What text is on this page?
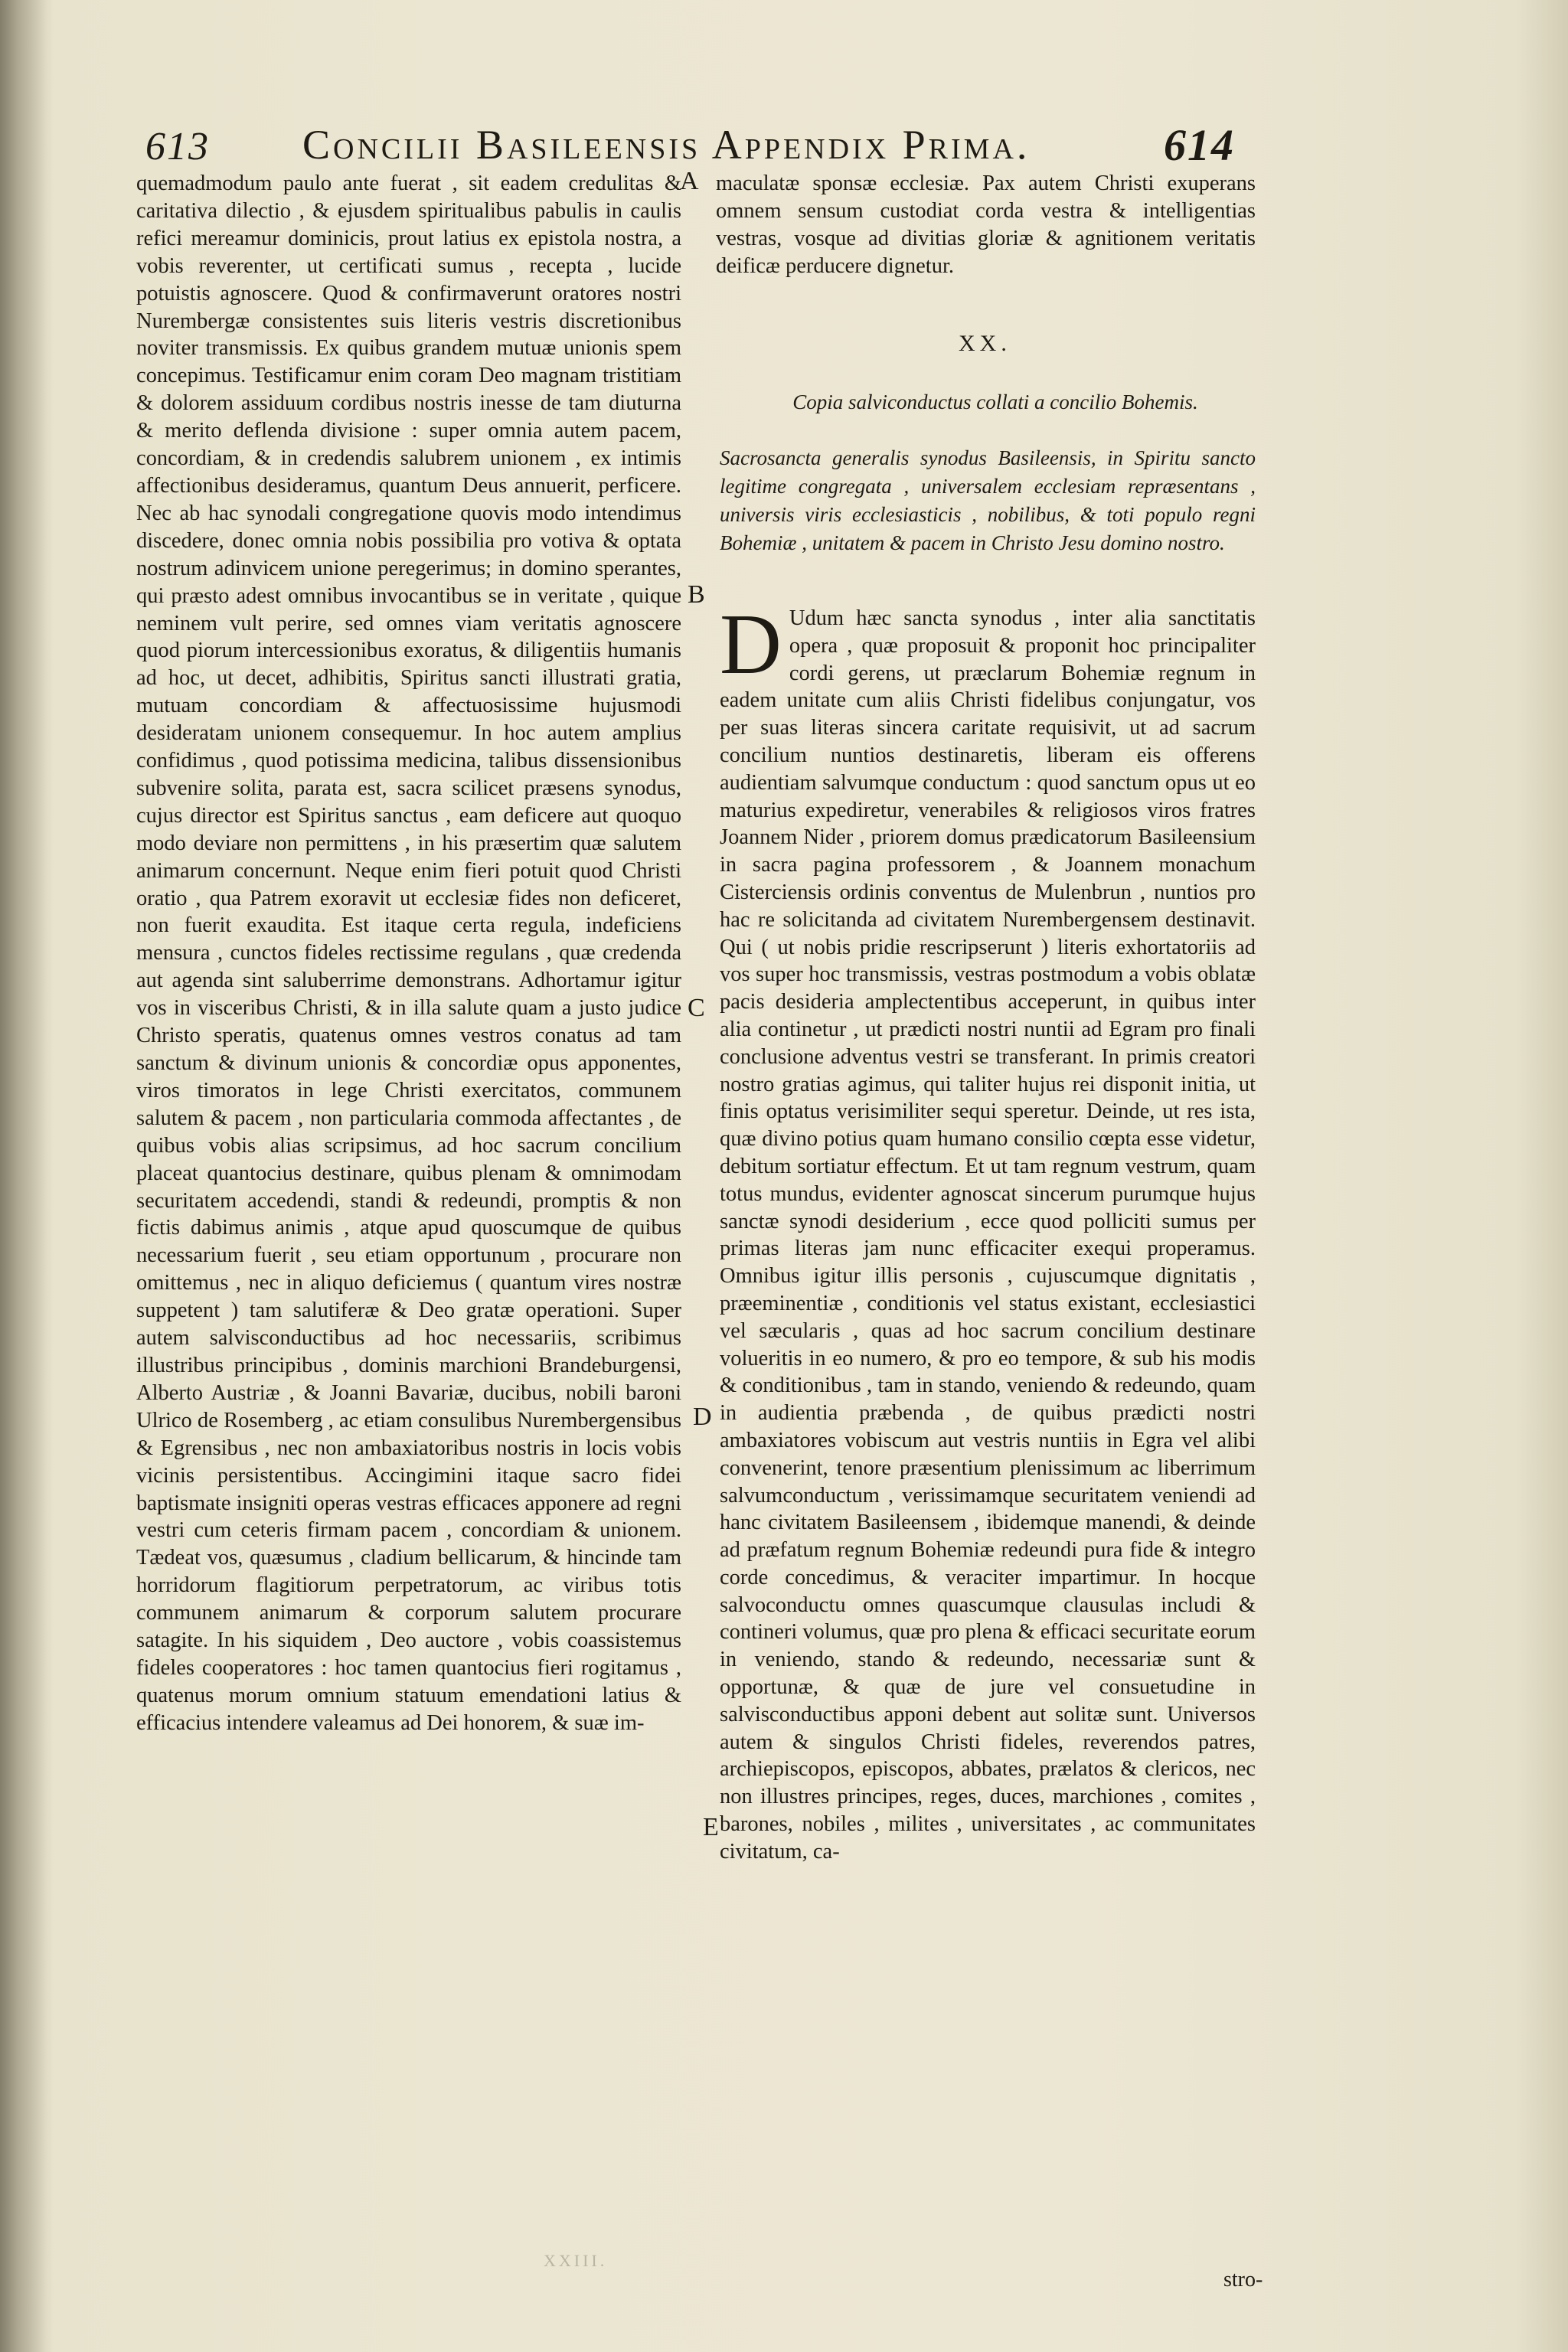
613 Concilii Basileensis Appendix Prima.	614

quemadmodum paulo ante fuerat , sit eadem credulitas & caritativa dilectio , & ejusdem spiritualibus pabulis in caulis refici mereamur dominicis, prout latius ex epistola nostra, a vobis reverenter, ut certificati sumus , recepta , lucide potuistis agnoscere. Quod & confirmaverunt oratores nostri Nurembergæ consistentes suis literis vestris discretionibus noviter transmissis. Ex quibus grandem mutuæ unionis spem concepimus. Testificamur enim coram Deo magnam tristitiam & dolorem assiduum cordibus nostris inesse de tam diuturna & merito deflenda divisione : super omnia autem pacem, concordiam, & in credendis salubrem unionem , ex intimis affectionibus desideramus, quantum Deus annuerit, perficere. Nec ab hac synodali congregatione quovis modo intendimus discedere, donec omnia nobis possibilia pro votiva & optata nostrum adinvicem unione peregerimus; in domino sperantes, qui præsto adest omnibus invocantibus se in veritate , quique neminem vult perire, sed omnes viam veritatis agnoscere quod piorum intercessionibus exoratus, & diligentiis humanis ad hoc, ut decet, adhibitis, Spiritus sancti illustrati gratia, mutuam concordiam & affectuosissime hujusmodi desideratam unionem consequemur. In hoc autem amplius confidimus , quod potissima medicina, talibus dissensionibus subvenire solita, parata est, sacra scilicet præsens synodus, cujus director est Spiritus sanctus , eam deficere aut quoquo modo deviare non permittens , in his præsertim quæ salutem animarum concernunt. Neque enim fieri potuit quod Christi oratio , qua Patrem exoravit ut ecclesiæ fides non deficeret, non fuerit exaudita. Est itaque certa regula, indeficiens mensura , cunctos fideles rectissime regulans , quæ credenda aut agenda sint saluberrime demonstrans. Adhortamur igitur vos in visceribus Christi, & in illa salute quam a justo judice Christo speratis, quatenus omnes vestros conatus ad tam sanctum & divinum unionis & concordiæ opus apponentes, viros timoratos in lege Christi exercitatos, communem salutem & pacem , non particularia commoda affectantes , de quibus vobis alias scripsimus, ad hoc sacrum concilium placeat quantocius destinare, quibus plenam & omnimodam securitatem accedendi, standi & redeundi, promptis & non fictis dabimus animis , atque apud quoscumque de quibus necessarium fuerit , seu etiam opportunum , procurare non omittemus , nec in aliquo deficiemus ( quantum vires nostræ suppetent ) tam salutiferæ & Deo gratæ operationi. Super autem salvisconductibus ad hoc necessariis, scribimus illustribus principibus , dominis marchioni Brandeburgensi, Alberto Austriæ , & Joanni Bavariæ, ducibus, nobili baroni Ulrico de Rosemberg , ac etiam consulibus Nurembergensibus & Egrensibus , nec non ambaxiatoribus nostris in locis vobis vicinis persistentibus. Accingimini itaque sacro fidei baptismate insigniti operas vestras efficaces apponere ad regni vestri cum ceteris firmam pacem , concordiam & unionem. Tædeat vos, quæsumus , cladium bellicarum, & hincinde tam horridorum flagitiorum perpetratorum, ac viribus totis communem animarum & corporum salutem procurare satagite. In his siquidem , Deo auctore , vobis coassistemus fideles cooperatores : hoc tamen quantocius fieri rogitamus , quatenus morum omnium statuum emendationi latius & efficacius intendere valeamus ad Dei honorem, & suæ im-

A
B
C
D
E

maculatæ sponsæ ecclesiæ. Pax autem Christi exuperans omnem sensum custodiat corda vestra & intelligentias vestras, vosque ad divitias gloriæ & agnitionem veritatis deificæ perducere dignetur.

XX.
Copia salviconductus collati a concilio Bohemis.
Sacrosancta generalis synodus Basileensis, in Spiritu sancto legitime congregata , universalem ecclesiam repræsentans , universis viris ecclesiasticis , nobilibus, & toti populo regni Bohemiæ , unitatem & pacem in Christo Jesu domino nostro.
D Udum hæc sancta synodus , inter alia sanctitatis opera , quæ proposuit & proponit hoc principaliter cordi gerens, ut præclarum Bohemiæ regnum in eadem unitate cum aliis Christi fidelibus conjungatur, vos per suas literas sincera caritate requisivit, ut ad sacrum concilium nuntios destinaretis, liberam eis offerens audientiam salvumque conductum : quod sanctum opus ut eo maturius expediretur, venerabiles & religiosos viros fratres Joannem Nider , priorem domus prædicatorum Basileensium in sacra pagina professorem , & Joannem monachum Cisterciensis ordinis conventus de Mulenbrun , nuntios pro hac re solicitanda ad civitatem Nurembergensem destinavit. Qui ( ut nobis pridie rescripserunt ) literis exhortatoriis ad vos super hoc transmissis, vestras postmodum a vobis oblatæ pacis desideria amplectentibus acceperunt, in quibus inter alia continetur , ut prædicti nostri nuntii ad Egram pro finali conclusione adventus vestri se transferant. In primis creatori nostro gratias agimus, qui taliter hujus rei disponit initia, ut finis optatus verisimiliter sequi speretur. Deinde, ut res ista, quæ divino potius quam humano consilio cœpta esse videtur, debitum sortiatur effectum. Et ut tam regnum vestrum, quam totus mundus, evidenter agnoscat sincerum purumque hujus sanctæ synodi desiderium , ecce quod polliciti sumus per primas literas jam nunc efficaciter exequi properamus. Omnibus igitur illis personis , cujuscumque dignitatis , præeminentiæ , conditionis vel status existant, ecclesiastici vel sæcularis , quas ad hoc sacrum concilium destinare volueritis in eo numero, & pro eo tempore, & sub his modis & conditionibus , tam in stando, veniendo & redeundo, quam in audientia præbenda , de quibus prædicti nostri ambaxiatores vobiscum aut vestris nuntiis in Egra vel alibi convenerint, tenore præsentium plenissimum ac liberrimum salvumconductum , verissimamque securitatem veniendi ad hanc civitatem Basileensem , ibidemque manendi, & deinde ad præfatum regnum Bohemiæ redeundi pura fide & integro corde concedimus, & veraciter impartimur. In hocque salvoconductu omnes quascumque clausulas includi & contineri volumus, quæ pro plena & efficaci securitate eorum in veniendo, stando & redeundo, necessariæ sunt & opportunæ, & quæ de jure vel consuetudine in salvisconductibus apponi debent aut solitæ sunt. Universos autem & singulos Christi fideles, reverendos patres, archiepiscopos, episcopos, abbates, prælatos & clericos, nec non illustres principes, reges, duces, marchiones , comites , barones, nobiles , milites , universitates , ac communitates civitatum, ca-
stro-
XXIII.
